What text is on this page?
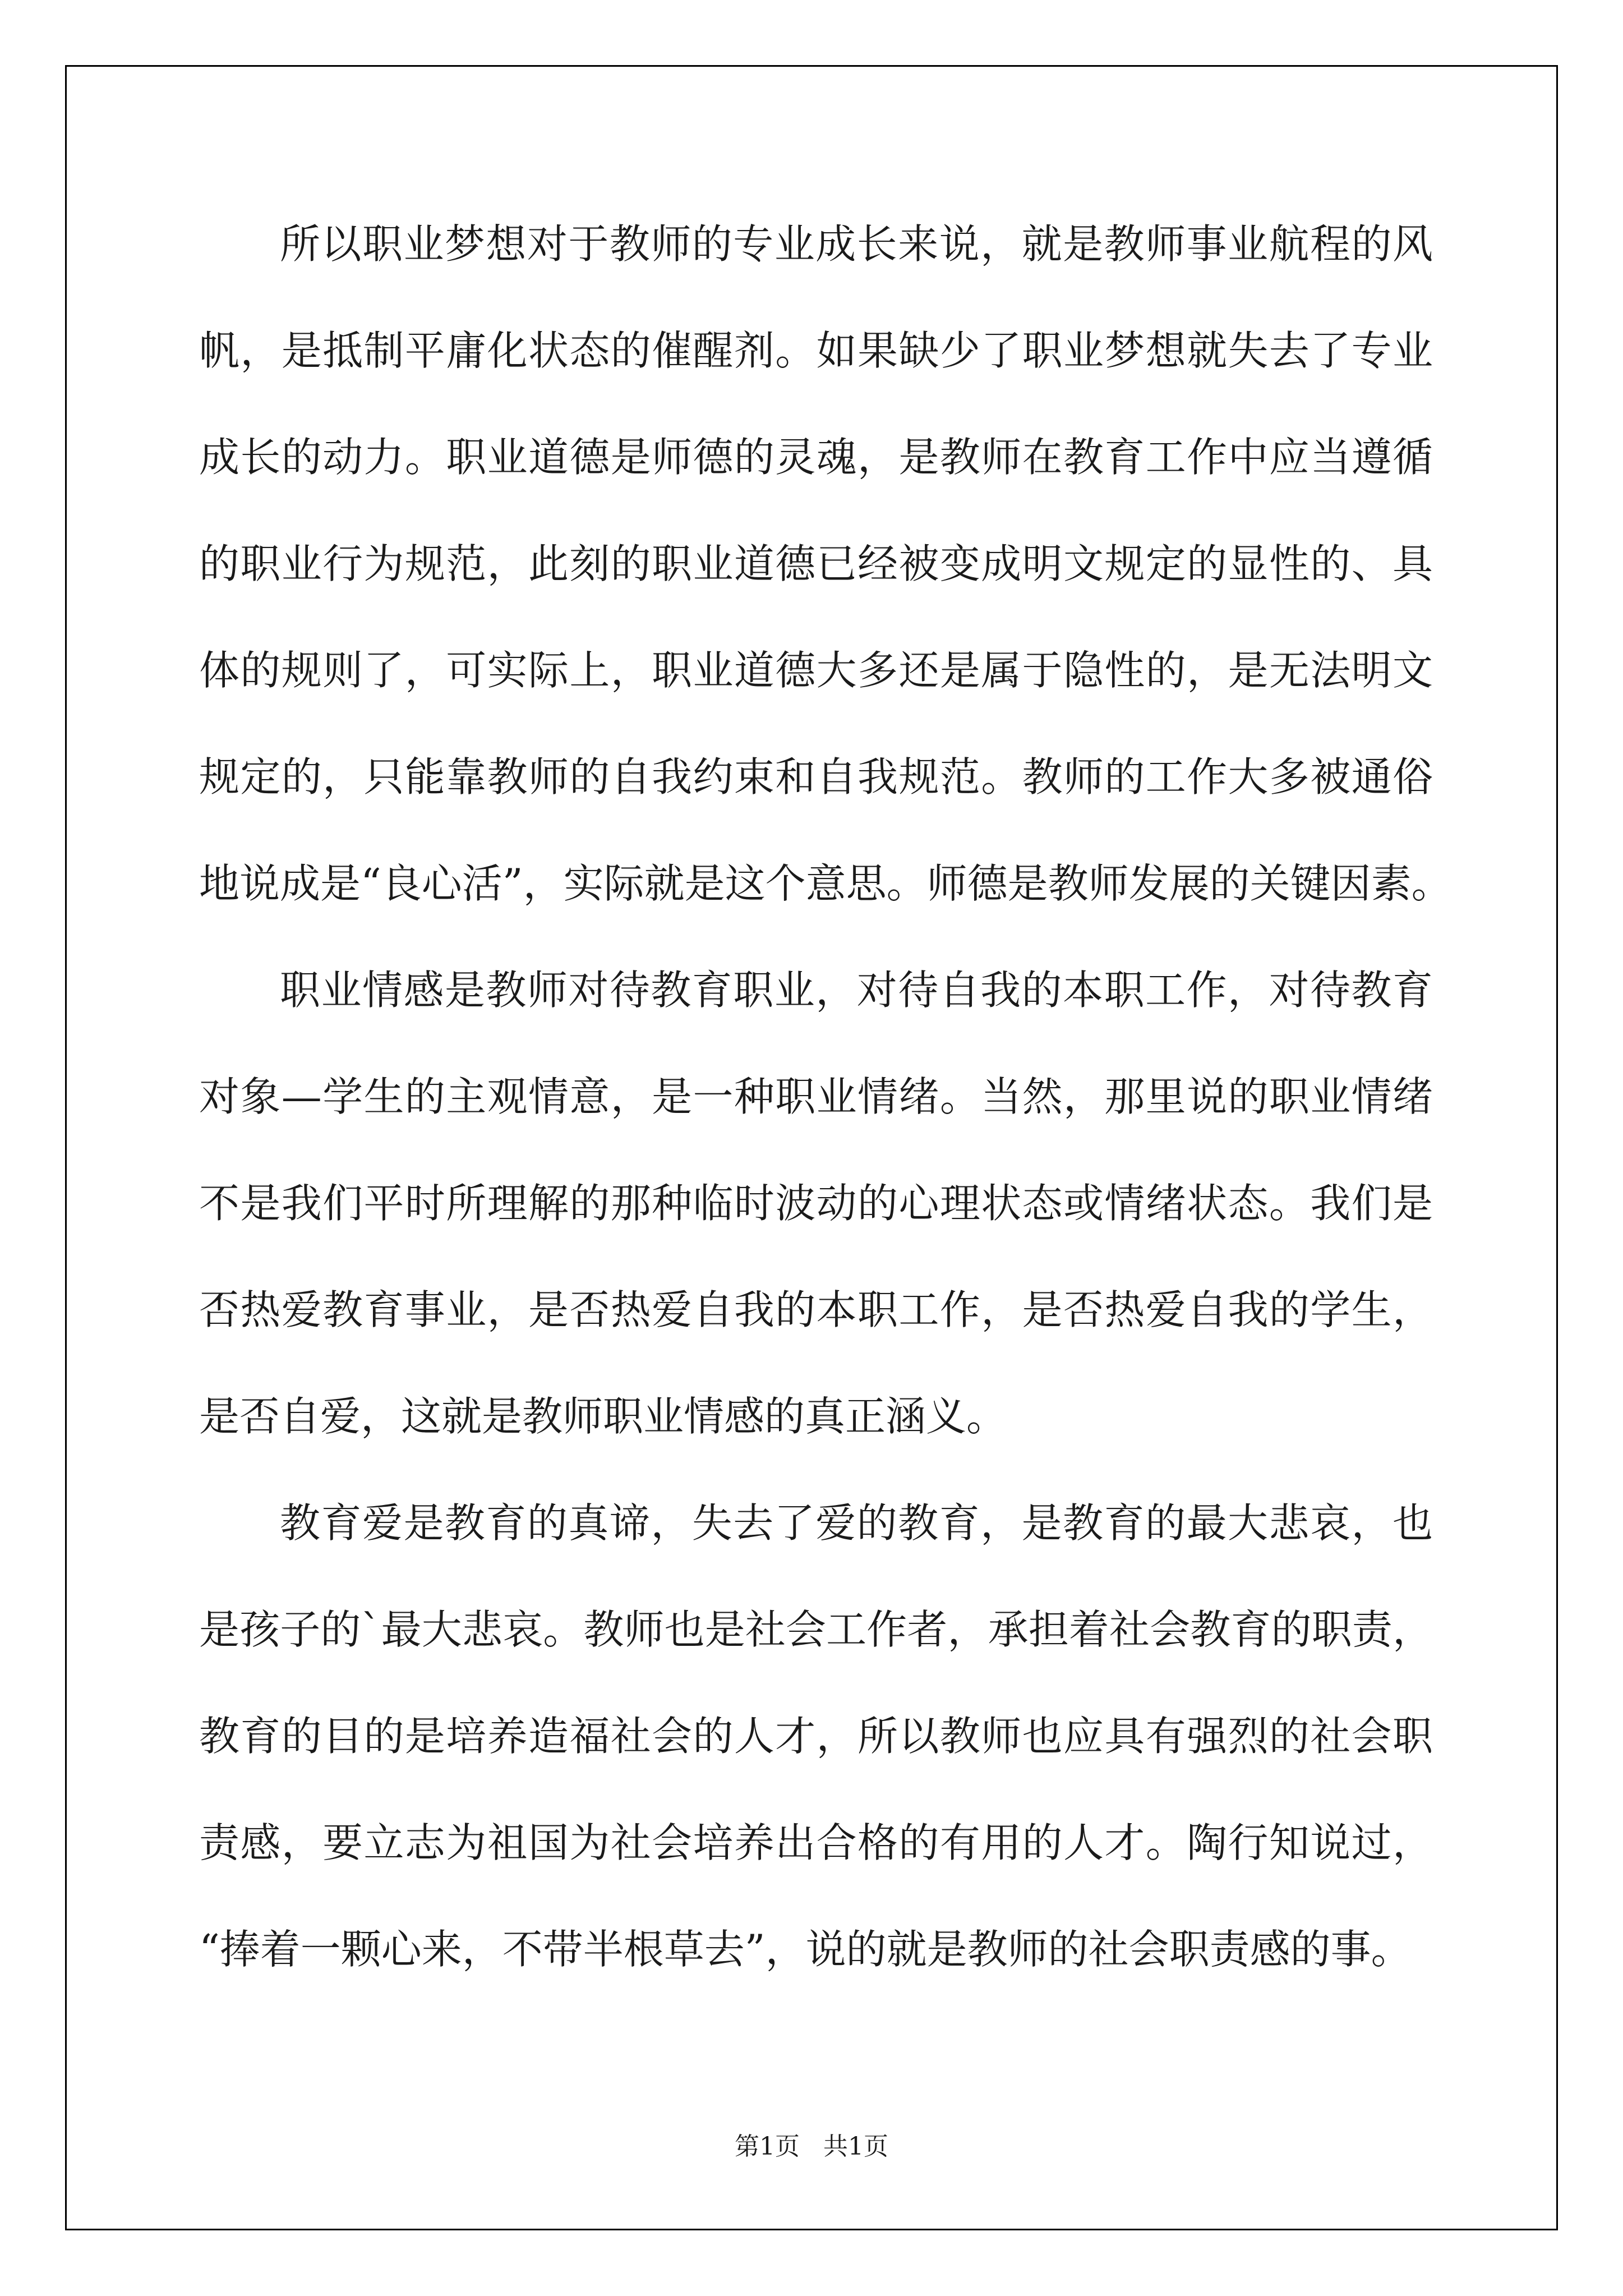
所以职业梦想对于教师的专业成长来说，就是教师事业航程的风
帆，是抵制平庸化状态的催醒剂。如果缺少了职业梦想就失去了专业
成长的动力。职业道德是师德的灵魂，是教师在教育工作中应当遵循
的职业行为规范，此刻的职业道德已经被变成明文规定的显性的、具
体的规则了，可实际上，职业道德大多还是属于隐性的，是无法明文
规定的，只能靠教师的自我约束和自我规范。教师的工作大多被通俗
地说成是“良心活”，实际就是这个意思。师德是教师发展的关键因素。
职业情感是教师对待教育职业，对待自我的本职工作，对待教育
对象—学生的主观情意，是一种职业情绪。当然，那里说的职业情绪
不是我们平时所理解的那种临时波动的心理状态或情绪状态。我们是
否热爱教育事业，是否热爱自我的本职工作，是否热爱自我的学生，
是否自爱，这就是教师职业情感的真正涵义。
教育爱是教育的真谛，失去了爱的教育，是教育的最大悲哀，也
是孩子的`最大悲哀。教师也是社会工作者，承担着社会教育的职责，
教育的目的是培养造福社会的人才，所以教师也应具有强烈的社会职
责感，要立志为祖国为社会培养出合格的有用的人才。陶行知说过，
“捧着一颗心来，不带半根草去”，说的就是教师的社会职责感的事。
第1页   共1页
